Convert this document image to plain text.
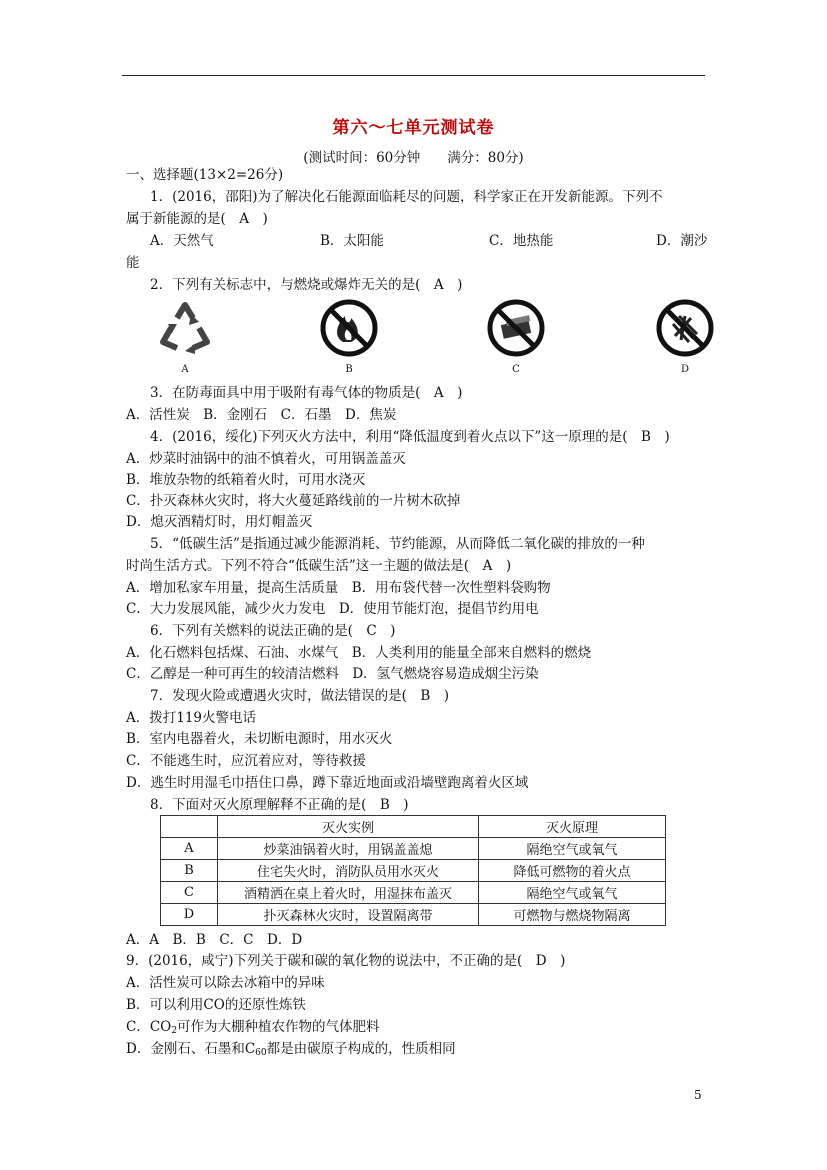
第六～七单元测试卷
(测试时间：60分钟　　满分：80分)
一、选择题(13×2=26分)
1．(2016，邵阳)为了解决化石能源面临耗尽的问题，科学家正在开发新能源。下列不
属于新能源的是(　A　)
A．天然气	B．太阳能	C．地热能	D．潮沙
能
2．下列有关标志中，与燃烧或爆炸无关的是(　A　)
A	B	C	D
3．在防毒面具中用于吸附有毒气体的物质是(　A　)
A．活性炭　B．金刚石　C．石墨　D．焦炭
4．(2016，绥化)下列灭火方法中，利用“降低温度到着火点以下”这一原理的是(　B　)
A．炒菜时油锅中的油不慎着火，可用锅盖盖灭
B．堆放杂物的纸箱着火时，可用水浇灭
C．扑灭森林火灾时，将大火蔓延路线前的一片树木砍掉
D．熄灭酒精灯时，用灯帽盖灭
5．“低碳生活”是指通过减少能源消耗、节约能源，从而降低二氧化碳的排放的一种
时尚生活方式。下列不符合“低碳生活”这一主题的做法是(　A　)
A．增加私家车用量，提高生活质量　B．用布袋代替一次性塑料袋购物
C．大力发展风能，减少火力发电　D．使用节能灯泡，提倡节约用电
6．下列有关燃料的说法正确的是(　C　)
A．化石燃料包括煤、石油、水煤气　B．人类利用的能量全部来自燃料的燃烧
C．乙醇是一种可再生的较清洁燃料　D．氢气燃烧容易造成烟尘污染
7．发现火险或遭遇火灾时，做法错误的是(　B　)
A．拨打119火警电话
B．室内电器着火，未切断电源时，用水灭火
C．不能逃生时，应沉着应对，等待救援
D．逃生时用湿毛巾捂住口鼻，蹲下靠近地面或沿墙壁跑离着火区域
8．下面对灭火原理解释不正确的是(　B　)
	灭火实例	灭火原理
A	炒菜油锅着火时，用锅盖盖熄	隔绝空气或氧气
B	住宅失火时，消防队员用水灭火	降低可燃物的着火点
C	酒精洒在桌上着火时，用湿抹布盖灭	隔绝空气或氧气
D	扑灭森林火灾时，设置隔离带	可燃物与燃烧物隔离
A．A　B．B　C．C　D．D
9．(2016，咸宁)下列关于碳和碳的氧化物的说法中，不正确的是(　D　)
A．活性炭可以除去冰箱中的异味
B．可以利用CO的还原性炼铁
C．$CO_2$可作为大棚种植农作物的气体肥料
D．金刚石、石墨和$C_{60}$都是由碳原子构成的，性质相同
5
